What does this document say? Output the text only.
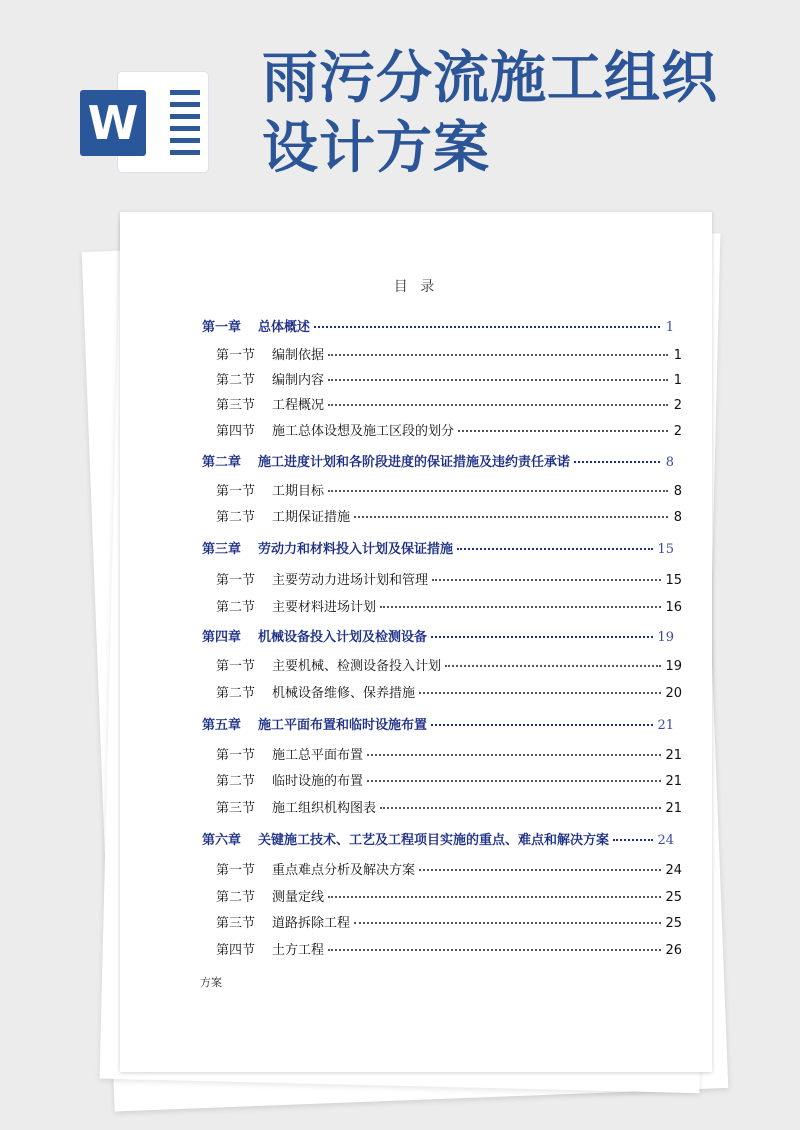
W
雨污分流施工组织设计方案
目 录
第一章	总体概述	1
第一节	编制依据	1
第二节	编制内容	1
第三节	工程概况	2
第四节	施工总体设想及施工区段的划分	2
第二章	施工进度计划和各阶段进度的保证措施及违约责任承诺	8
第一节	工期目标	8
第二节	工期保证措施	8
第三章	劳动力和材料投入计划及保证措施	15
第一节	主要劳动力进场计划和管理	15
第二节	主要材料进场计划	16
第四章	机械设备投入计划及检测设备	19
第一节	主要机械、检测设备投入计划	19
第二节	机械设备维修、保养措施	20
第五章	施工平面布置和临时设施布置	21
第一节	施工总平面布置	21
第二节	临时设施的布置	21
第三节	施工组织机构图表	21
第六章	关键施工技术、工艺及工程项目实施的重点、难点和解决方案	24
第一节	重点难点分析及解决方案	24
第二节	测量定线	25
第三节	道路拆除工程	25
第四节	土方工程	26
方案
